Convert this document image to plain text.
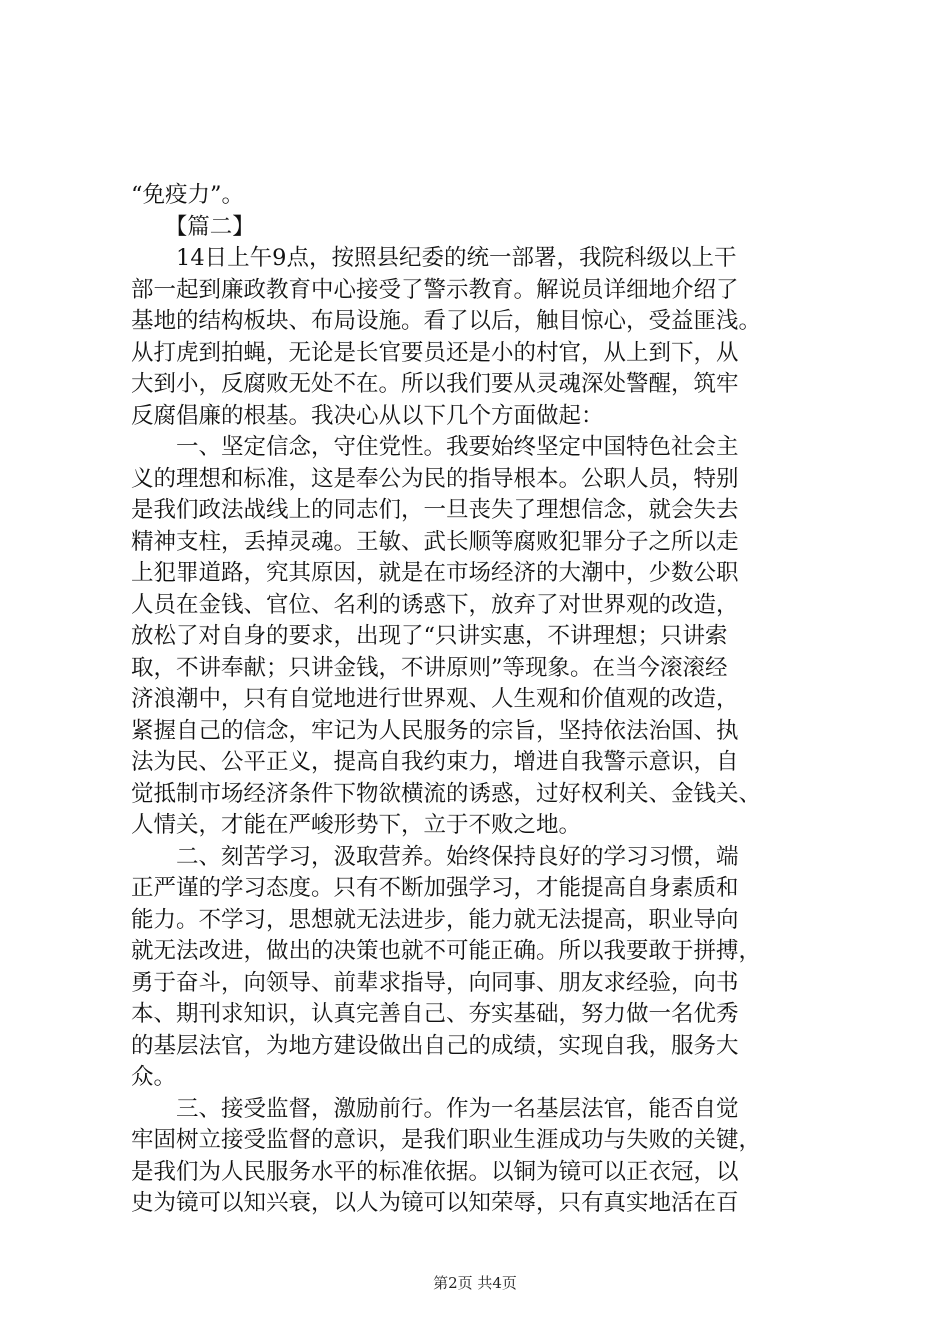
“免疫力”。
　　【篇二】
　　14日上午9点，按照县纪委的统一部署，我院科级以上干
部一起到廉政教育中心接受了警示教育。解说员详细地介绍了
基地的结构板块、布局设施。看了以后，触目惊心，受益匪浅。
从打虎到拍蝇，无论是长官要员还是小的村官，从上到下，从
大到小，反腐败无处不在。所以我们要从灵魂深处警醒，筑牢
反腐倡廉的根基。我决心从以下几个方面做起：
　　一、坚定信念，守住党性。我要始终坚定中国特色社会主
义的理想和标准，这是奉公为民的指导根本。公职人员，特别
是我们政法战线上的同志们，一旦丧失了理想信念，就会失去
精神支柱，丢掉灵魂。王敏、武长顺等腐败犯罪分子之所以走
上犯罪道路，究其原因，就是在市场经济的大潮中，少数公职
人员在金钱、官位、名利的诱惑下，放弃了对世界观的改造，
放松了对自身的要求，出现了“只讲实惠，不讲理想；只讲索
取，不讲奉献；只讲金钱，不讲原则”等现象。在当今滚滚经
济浪潮中，只有自觉地进行世界观、人生观和价值观的改造，
紧握自己的信念，牢记为人民服务的宗旨，坚持依法治国、执
法为民、公平正义，提高自我约束力，增进自我警示意识，自
觉抵制市场经济条件下物欲横流的诱惑，过好权利关、金钱关、
人情关，才能在严峻形势下，立于不败之地。
　　二、刻苦学习，汲取营养。始终保持良好的学习习惯，端
正严谨的学习态度。只有不断加强学习，才能提高自身素质和
能力。不学习，思想就无法进步，能力就无法提高，职业导向
就无法改进，做出的决策也就不可能正确。所以我要敢于拼搏，
勇于奋斗，向领导、前辈求指导，向同事、朋友求经验，向书
本、期刊求知识，认真完善自己、夯实基础，努力做一名优秀
的基层法官，为地方建设做出自己的成绩，实现自我，服务大
众。
　　三、接受监督，激励前行。作为一名基层法官，能否自觉
牢固树立接受监督的意识，是我们职业生涯成功与失败的关键，
是我们为人民服务水平的标准依据。以铜为镜可以正衣冠，以
史为镜可以知兴衰，以人为镜可以知荣辱，只有真实地活在百
第2页 共4页
